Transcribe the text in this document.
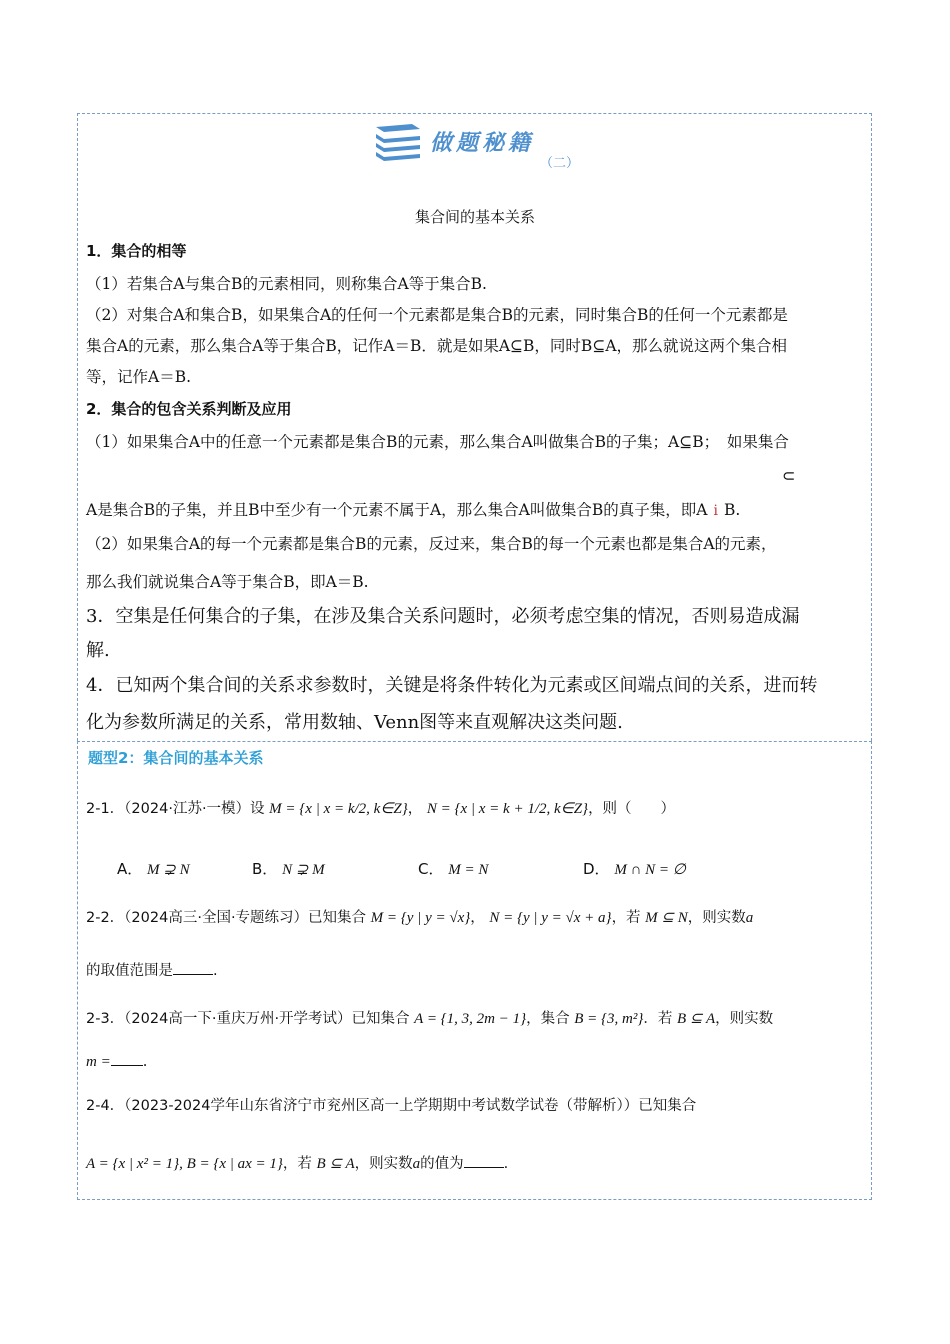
做题秘籍
（二）
集合间的基本关系
1．集合的相等
（1）若集合A与集合B的元素相同，则称集合A等于集合B.
（2）对集合A和集合B，如果集合A的任何一个元素都是集合B的元素，同时集合B的任何一个元素都是
集合A的元素，那么集合A等于集合B，记作A＝B．就是如果A⊆B，同时B⊆A，那么就说这两个集合相
等，记作A＝B.
2．集合的包含关系判断及应用
（1）如果集合A中的任意一个元素都是集合B的元素，那么集合A叫做集合B的子集；A⊆B；　如果集合
⊂
A是集合B的子集，并且B中至少有一个元素不属于A，那么集合A叫做集合B的真子集，即A ⅰ B.
（2）如果集合A的每一个元素都是集合B的元素，反过来，集合B的每一个元素也都是集合A的元素，
那么我们就说集合A等于集合B，即A＝B.
3．空集是任何集合的子集，在涉及集合关系问题时，必须考虑空集的情况，否则易造成漏
解.
4．已知两个集合间的关系求参数时，关键是将条件转化为元素或区间端点间的关系，进而转
化为参数所满足的关系，常用数轴、Venn图等来直观解决这类问题.
题型2：集合间的基本关系
2-1．（2024·江苏·一模）设 M = {x | x = k/2, k∈Z}， N = {x | x = k + 1/2, k∈Z}，则（　　）
A． M ⊋ N	B． N ⊋ M	C． M = N	D． M ∩ N = ∅
2-2．（2024高三·全国·专题练习）已知集合 M = {y | y = √x}， N = {y | y = √x + a}，若 M ⊆ N，则实数a
的取值范围是	.
2-3．（2024高一下·重庆万州·开学考试）已知集合 A = {1, 3, 2m − 1}，集合 B = {3, m²}．若 B ⊆ A，则实数
m = .
2-4．（2023-2024学年山东省济宁市兖州区高一上学期期中考试数学试卷（带解析））已知集合
A = {x | x² = 1}, B = {x | ax = 1}，若 B ⊆ A，则实数a的值为	.
